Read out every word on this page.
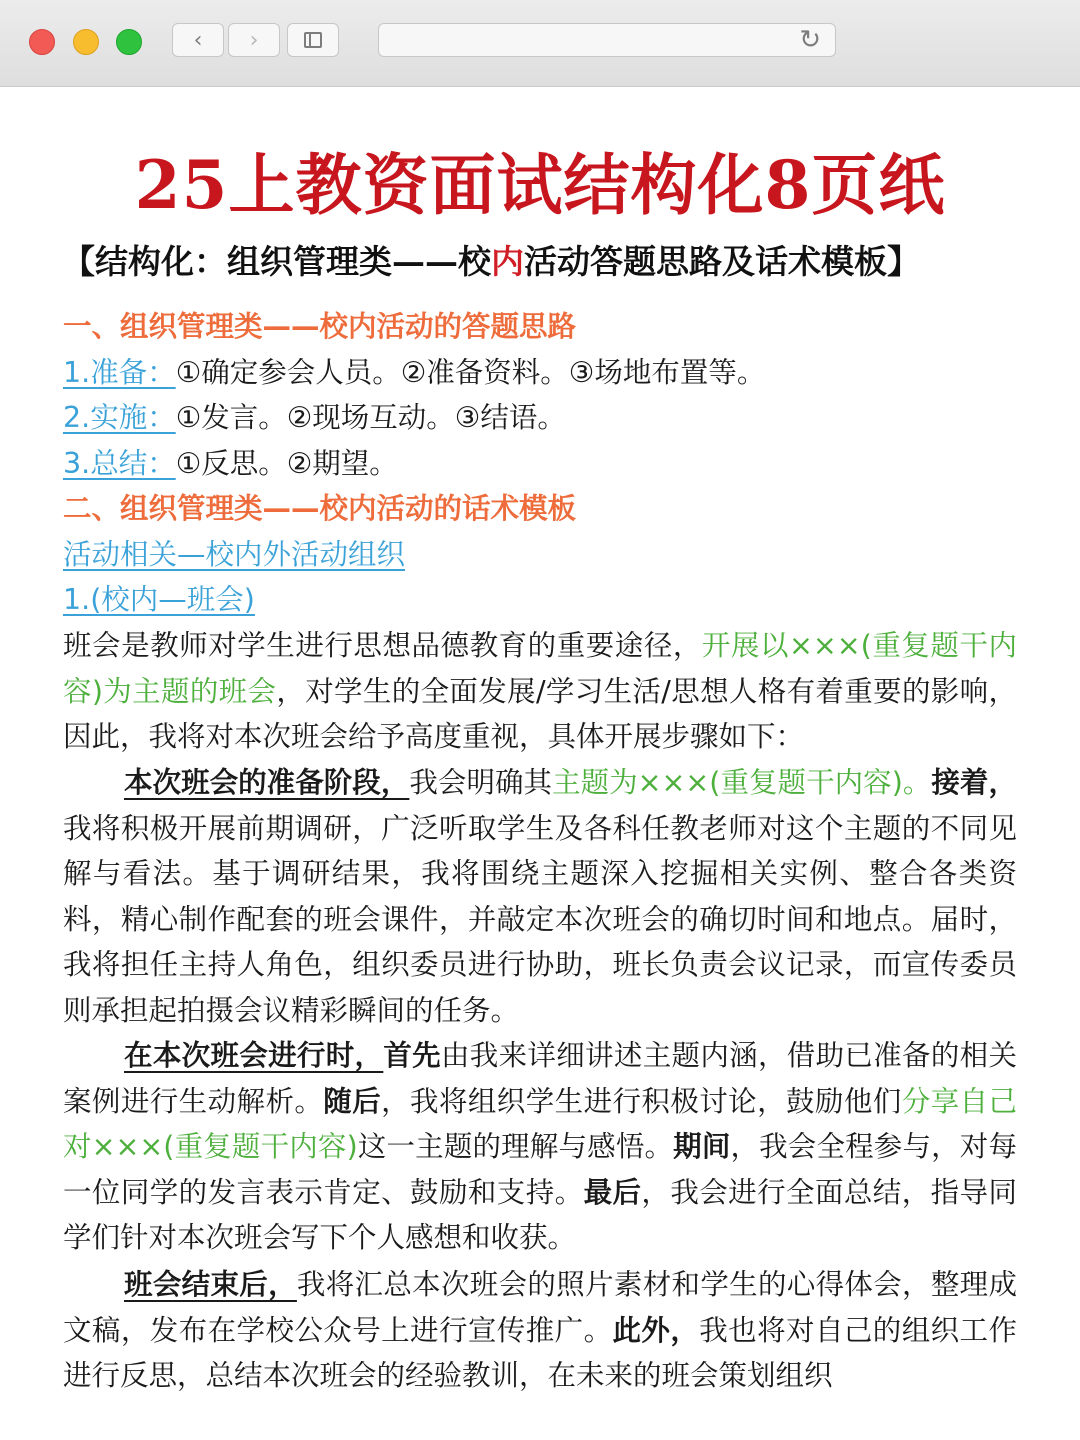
‹ ›	↻
25上教资面试结构化8页纸
【结构化：组织管理类——校内活动答题思路及话术模板】
一、组织管理类——校内活动的答题思路
1.准备：①确定参会人员。②准备资料。③场地布置等。
2.实施：①发言。②现场互动。③结语。
3.总结：①反思。②期望。
二、组织管理类——校内活动的话术模板
活动相关—校内外活动组织
1.(校内—班会)
班会是教师对学生进行思想品德教育的重要途径，开展以×××(重复题干内容)为主题的班会，对学生的全面发展/学习生活/思想人格有着重要的影响，因此，我将对本次班会给予高度重视，具体开展步骤如下：
本次班会的准备阶段，我会明确其主题为×××(重复题干内容)。接着，我将积极开展前期调研，广泛听取学生及各科任教老师对这个主题的不同见解与看法。基于调研结果，我将围绕主题深入挖掘相关实例、整合各类资料，精心制作配套的班会课件，并敲定本次班会的确切时间和地点。届时，我将担任主持人角色，组织委员进行协助，班长负责会议记录，而宣传委员则承担起拍摄会议精彩瞬间的任务。
在本次班会进行时，首先由我来详细讲述主题内涵，借助已准备的相关案例进行生动解析。随后，我将组织学生进行积极讨论，鼓励他们分享自己对×××(重复题干内容)这一主题的理解与感悟。期间，我会全程参与，对每一位同学的发言表示肯定、鼓励和支持。最后，我会进行全面总结，指导同学们针对本次班会写下个人感想和收获。
班会结束后，我将汇总本次班会的照片素材和学生的心得体会，整理成文稿，发布在学校公众号上进行宣传推广。此外，我也将对自己的组织工作进行反思，总结本次班会的经验教训，在未来的班会策划组织
